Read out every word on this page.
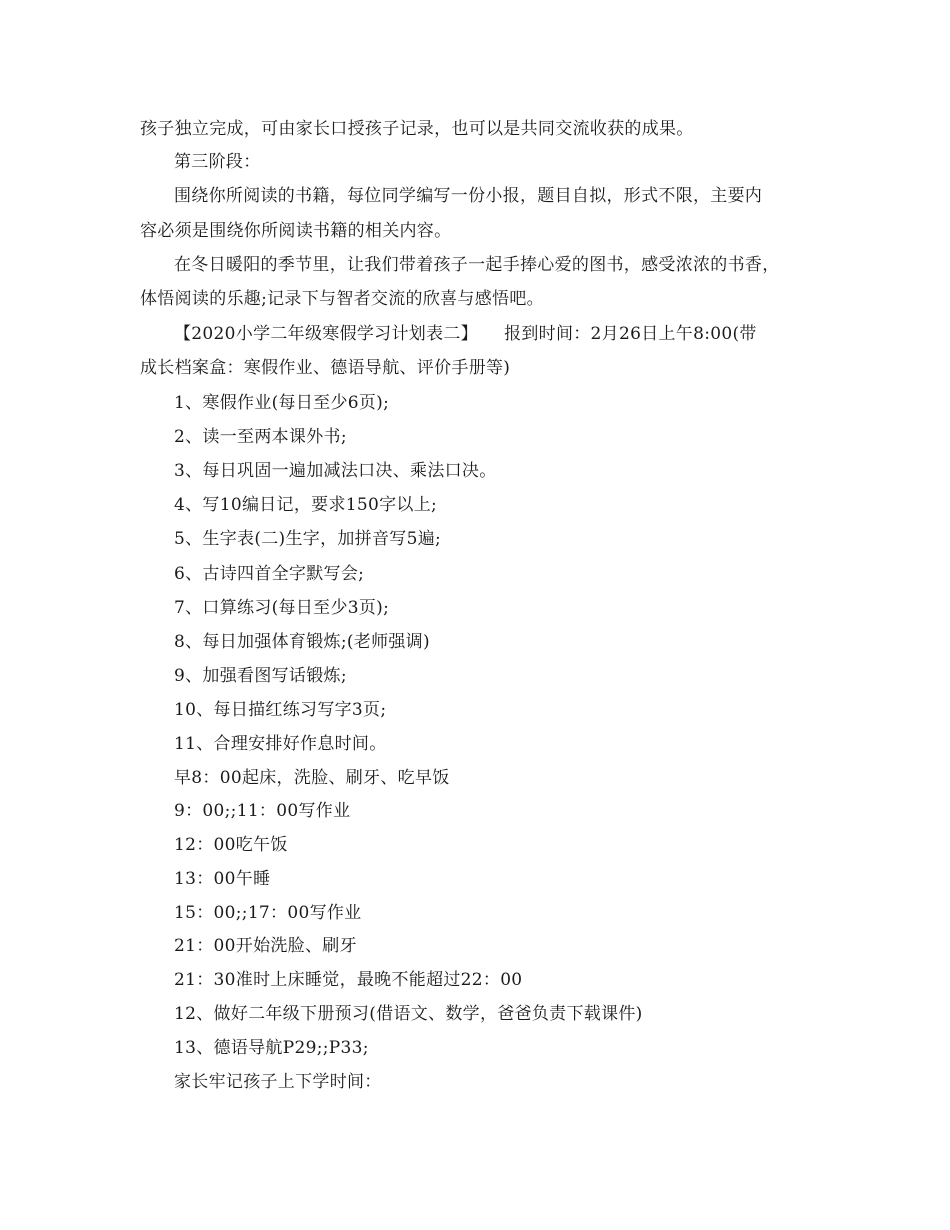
孩子独立完成，可由家长口授孩子记录，也可以是共同交流收获的成果。
第三阶段：
围绕你所阅读的书籍，每位同学编写一份小报，题目自拟，形式不限，主要内
容必须是围绕你所阅读书籍的相关内容。
在冬日暖阳的季节里，让我们带着孩子一起手捧心爱的图书，感受浓浓的书香，
体悟阅读的乐趣;记录下与智者交流的欣喜与感悟吧。
【2020小学二年级寒假学习计划表二】　　报到时间：2月26日上午8:00(带
成长档案盒：寒假作业、德语导航、评价手册等)
1、寒假作业(每日至少6页);
2、读一至两本课外书;
3、每日巩固一遍加减法口决、乘法口决。
4、写10编日记，要求150字以上;
5、生字表(二)生字，加拼音写5遍;
6、古诗四首全字默写会;
7、口算练习(每日至少3页);
8、每日加强体育锻炼;(老师强调)
9、加强看图写话锻炼;
10、每日描红练习写字3页;
11、合理安排好作息时间。
早8：00起床，洗脸、刷牙、吃早饭
9：00;;11：00写作业
12：00吃午饭
13：00午睡
15：00;;17：00写作业
21：00开始洗脸、刷牙
21：30准时上床睡觉，最晚不能超过22：00
12、做好二年级下册预习(借语文、数学，爸爸负责下载课件)
13、德语导航P29;;P33;
家长牢记孩子上下学时间：
